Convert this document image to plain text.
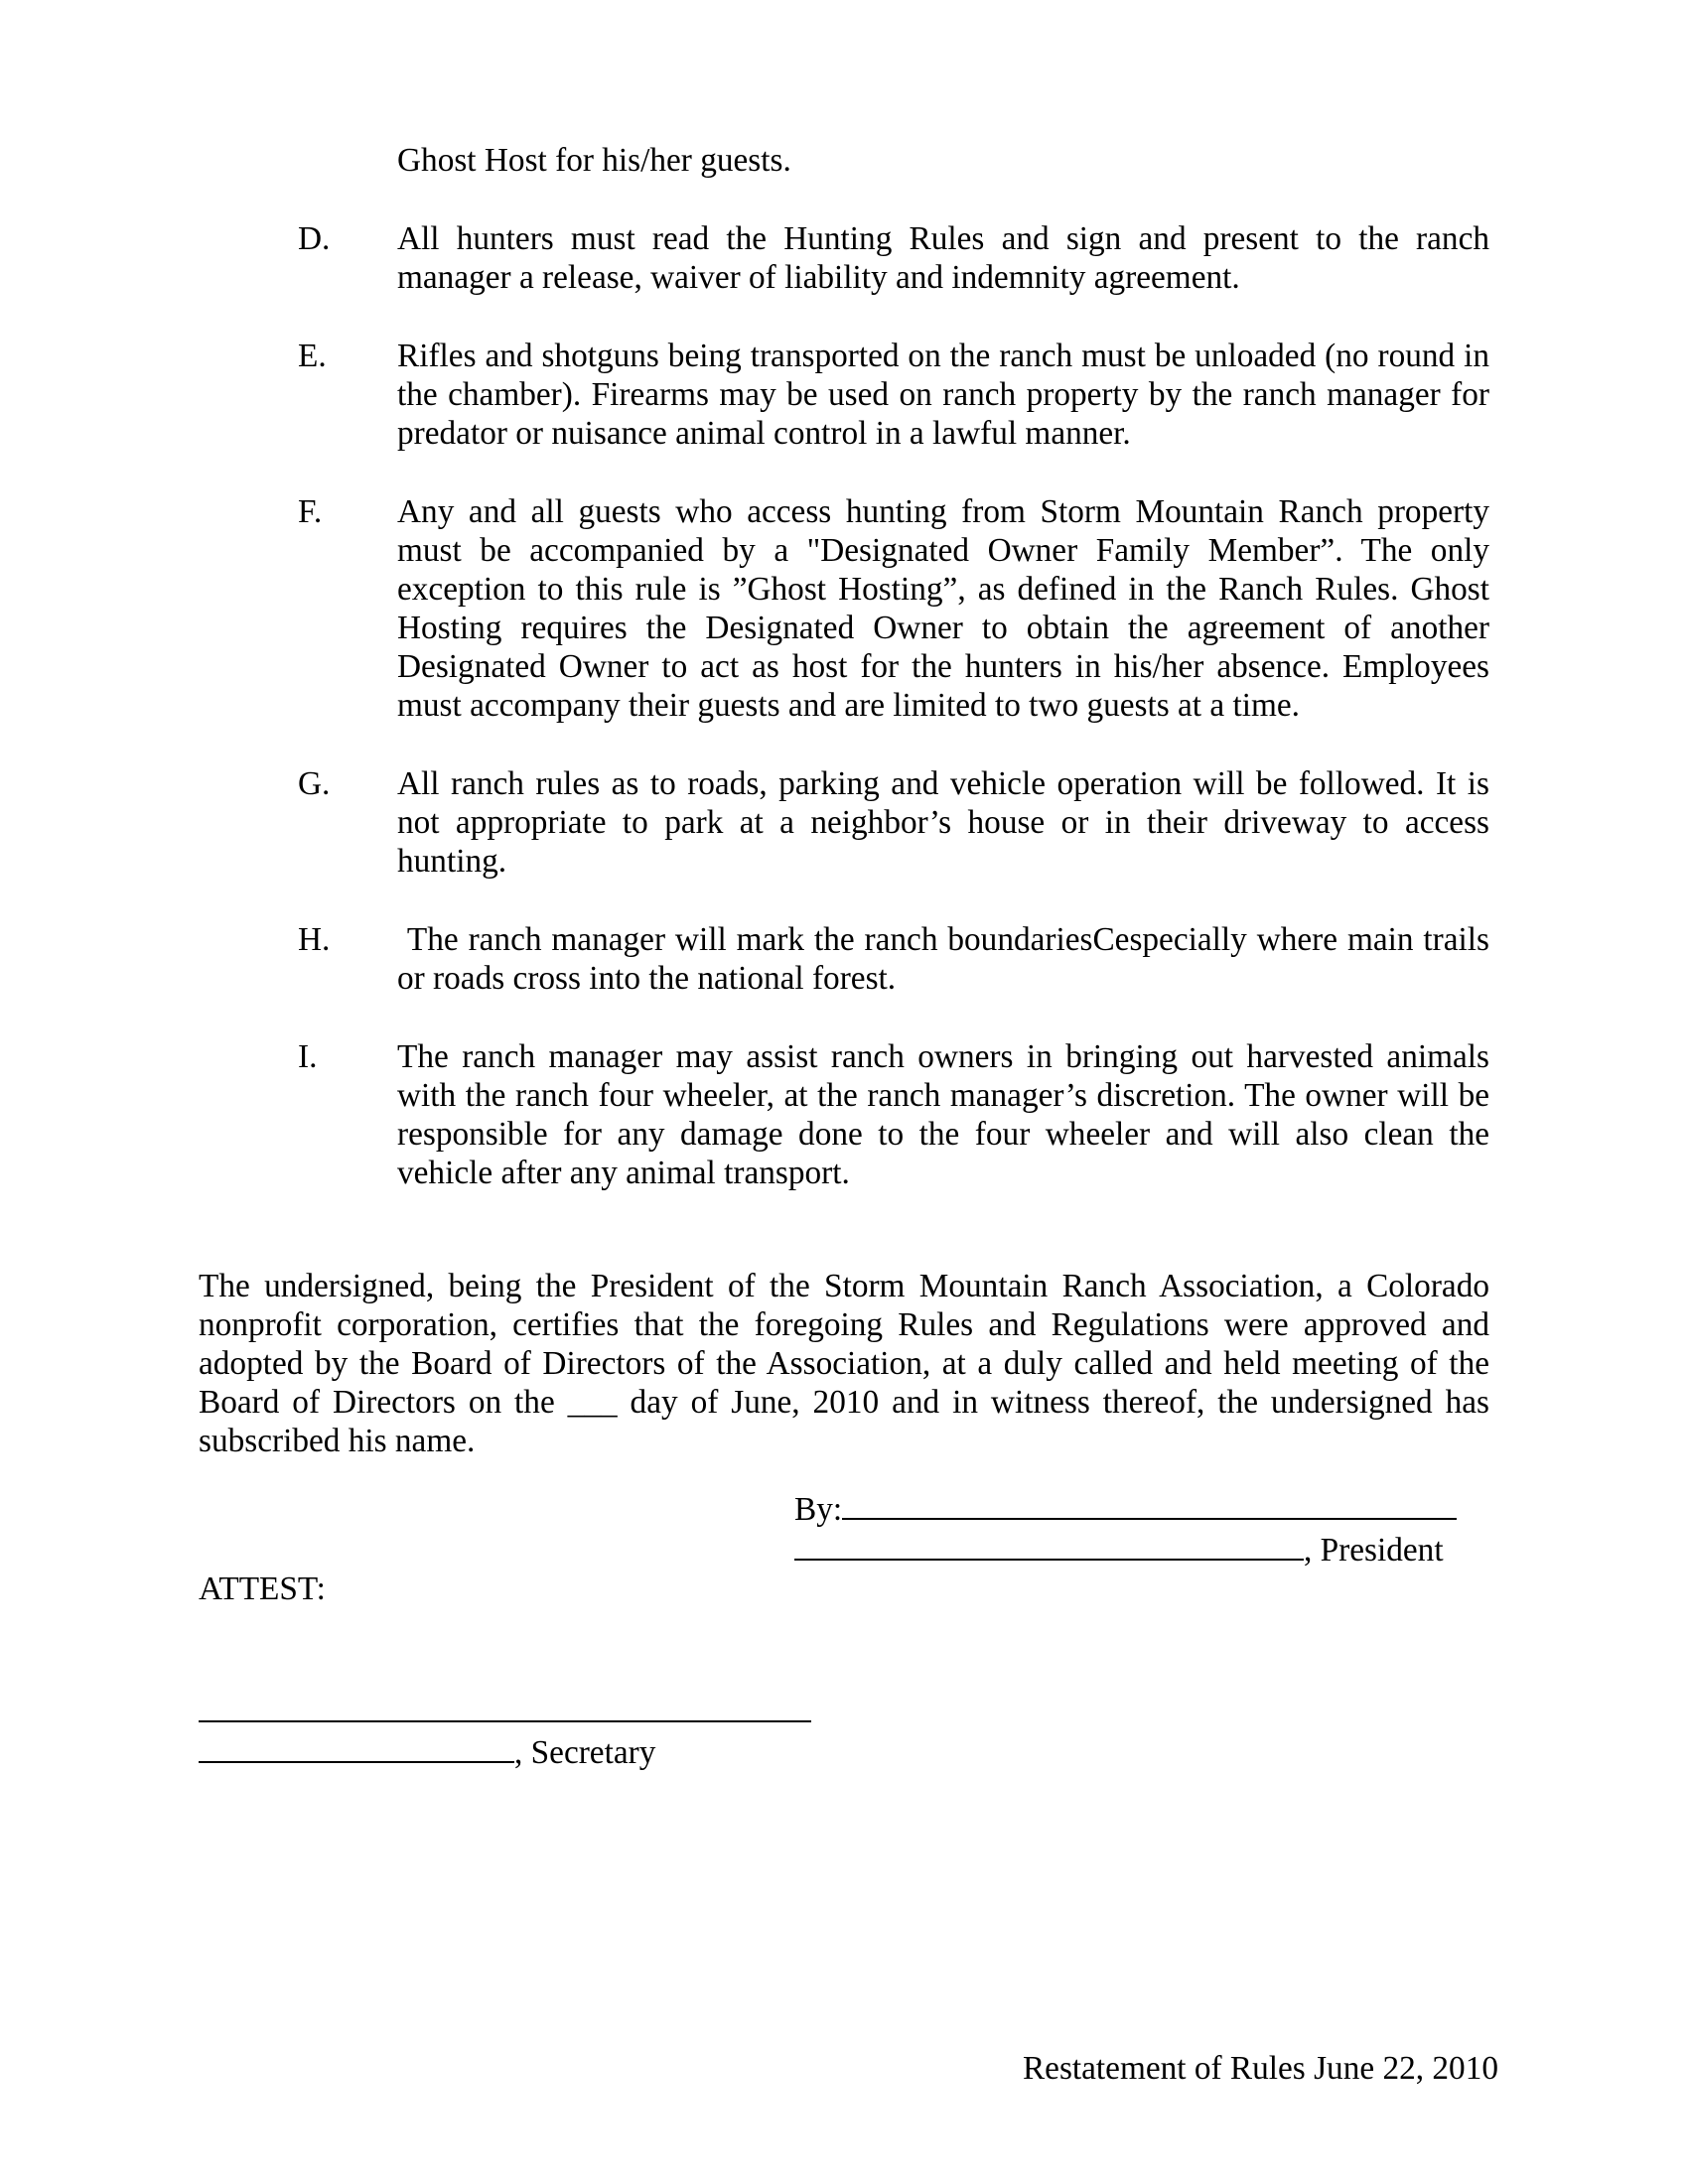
Ghost Host for his/her guests.

D.	All hunters must read the Hunting Rules and sign and present to the ranch manager a release, waiver of liability and indemnity agreement.
E.	Rifles and shotguns being transported on the ranch must be unloaded (no round in the chamber). Firearms may be used on ranch property by the ranch manager for predator or nuisance animal control in a lawful manner.
F.	Any and all guests who access hunting from Storm Mountain Ranch property must be accompanied by a "Designated Owner Family Member”. The only exception to this rule is ”Ghost Hosting”, as defined in the Ranch Rules. Ghost Hosting requires the Designated Owner to obtain the agreement of another Designated Owner to act as host for the hunters in his/her absence. Employees must accompany their guests and are limited to two guests at a time.
G.	All ranch rules as to roads, parking and vehicle operation will be followed. It is not appropriate to park at a neighbor’s house or in their driveway to access hunting.
H.	The ranch manager will mark the ranch boundariesCespecially where main trails or roads cross into the national forest.
I.	The ranch manager may assist ranch owners in bringing out harvested animals with the ranch four wheeler, at the ranch manager’s discretion. The owner will be responsible for any damage done to the four wheeler and will also clean the vehicle after any animal transport.

The undersigned, being the President of the Storm Mountain Ranch Association, a Colorado nonprofit corporation, certifies that the foregoing Rules and Regulations were approved and adopted by the Board of Directors of the Association, at a duly called and held meeting of the Board of Directors on the ___ day of June, 2010 and in witness thereof, the undersigned has subscribed his name.

By:
, President

ATTEST:

, Secretary
Restatement of Rules June 22, 2010
